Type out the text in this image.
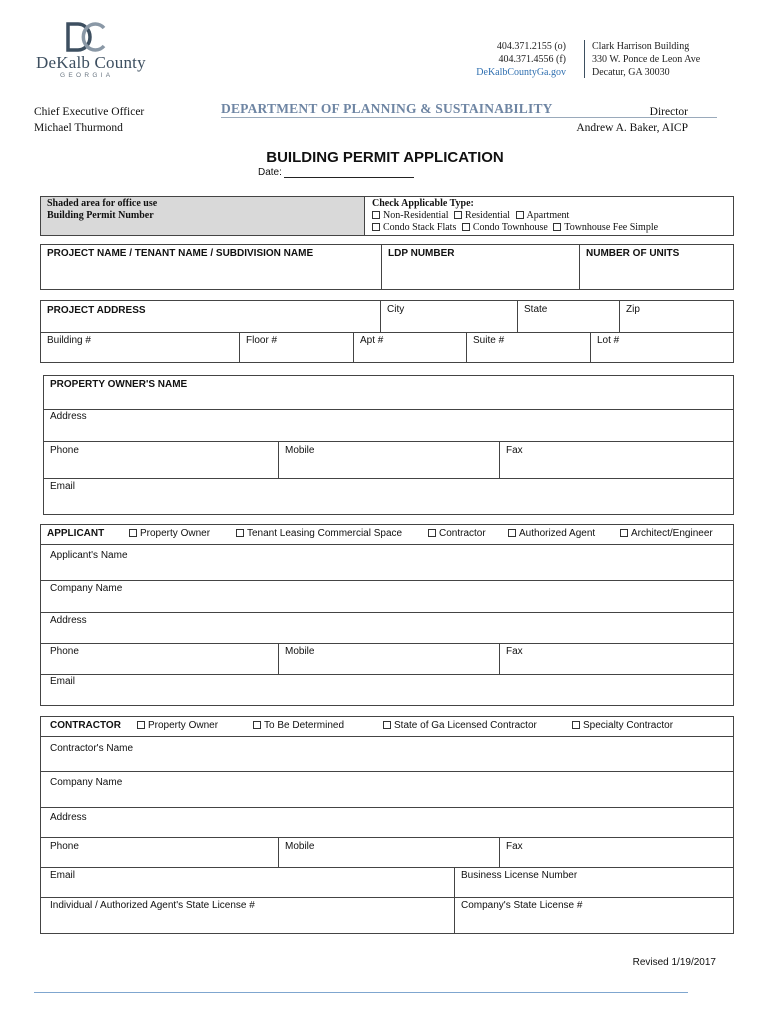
DeKalb County
GEORGIA
404.371.2155 (o)
404.371.4556 (f)
DeKalbCountyGa.gov
Clark Harrison Building
330 W. Ponce de Leon Ave
Decatur, GA 30030
Chief Executive Officer
Michael Thurmond
DEPARTMENT OF PLANNING & SUSTAINABILITY	Director
Andrew A. Baker, AICP
BUILDING PERMIT APPLICATION
Date:
Shaded area for office use
Building Permit Number
Check Applicable Type:
Non-Residential Residential Apartment
Condo Stack Flats Condo Townhouse Townhouse Fee Simple
PROJECT NAME / TENANT NAME / SUBDIVISION NAME	LDP NUMBER	NUMBER OF UNITS
PROJECT ADDRESS	City	State	Zip
Building #	Floor #	Apt #	Suite #	Lot #
PROPERTY OWNER'S NAME
Address
Phone	Mobile	Fax
Email
APPLICANT	Property Owner	Tenant Leasing Commercial Space	Contractor	Authorized Agent	Architect/Engineer
Applicant's Name
Company Name
Address
Phone	Mobile	Fax
Email
CONTRACTOR	Property Owner	To Be Determined	State of Ga Licensed Contractor	Specialty Contractor
Contractor's Name
Company Name
Address
Phone	Mobile	Fax
Email	Business License Number
Individual / Authorized Agent's State License #	Company's State License #
Revised 1/19/2017
